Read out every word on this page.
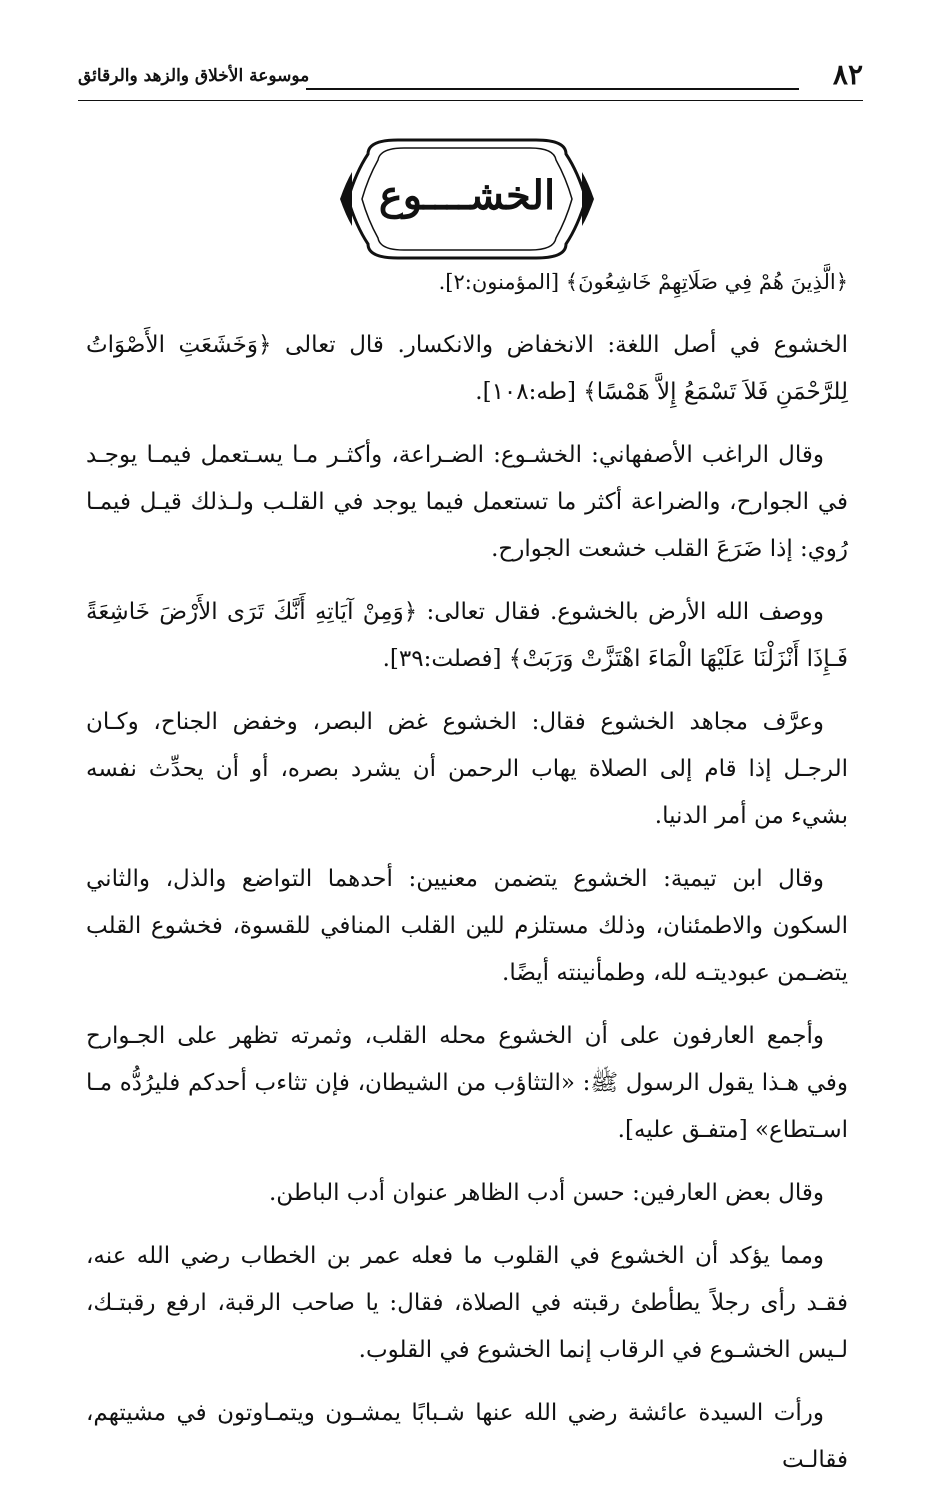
٨٢
موسوعة الأخلاق والزهد والرقائق
الخشــــوع

﴿الَّذِينَ هُمْ فِي صَلَاتِهِمْ خَاشِعُونَ﴾ [المؤمنون:٢].

الخشوع في أصل اللغة: الانخفاض والانكسار. قال تعالى ﴿وَخَشَعَتِ الأَصْوَاتُ لِلرَّحْمَنِ فَلاَ تَسْمَعُ إِلاَّ هَمْسًا﴾ [طه:١٠٨].

وقال الراغب الأصفهاني: الخشـوع: الضـراعة، وأكثـر مـا يسـتعمل فيمـا يوجـد في الجوارح، والضراعة أكثر ما تستعمل فيما يوجد في القلـب ولـذلك قيـل فيمـا رُوي: إذا ضَرَعَ القلب خشعت الجوارح.

ووصف الله الأرض بالخشوع. فقال تعالى: ﴿وَمِنْ آيَاتِهِ أَنَّكَ تَرَى الأَرْضَ خَاشِعَةً فَـإِذَا أَنْزَلْنَا عَلَيْهَا الْمَاءَ اهْتَزَّتْ وَرَبَتْ﴾ [فصلت:٣٩].

وعرَّف مجاهد الخشوع فقال: الخشوع غض البصر، وخفض الجناح، وكـان الرجـل إذا قام إلى الصلاة يهاب الرحمن أن يشرد بصره، أو أن يحدِّث نفسه بشيء من أمر الدنيا.

وقال ابن تيمية: الخشوع يتضمن معنيين: أحدهما التواضع والذل، والثاني السكون والاطمئنان، وذلك مستلزم للين القلب المنافي للقسوة، فخشوع القلب يتضـمن عبوديتـه لله، وطمأنينته أيضًا.

وأجمع العارفون على أن الخشوع محله القلب، وثمرته تظهر على الجـوارح وفي هـذا يقول الرسول ﷺ: «التثاؤب من الشيطان، فإن تثاءب أحدكم فليرُدُّه مـا اسـتطاع» [متفـق عليه].

وقال بعض العارفين: حسن أدب الظاهر عنوان أدب الباطن.

ومما يؤكد أن الخشوع في القلوب ما فعله عمر بن الخطاب رضي الله عنه، فقـد رأى رجلاً يطأطئ رقبته في الصلاة، فقال: يا صاحب الرقبة، ارفع رقبتـك، لـيس الخشـوع في الرقاب إنما الخشوع في القلوب.

ورأت السيدة عائشة رضي الله عنها شـبابًا يمشـون ويتمـاوتون في مشيتهم، فقالـت
